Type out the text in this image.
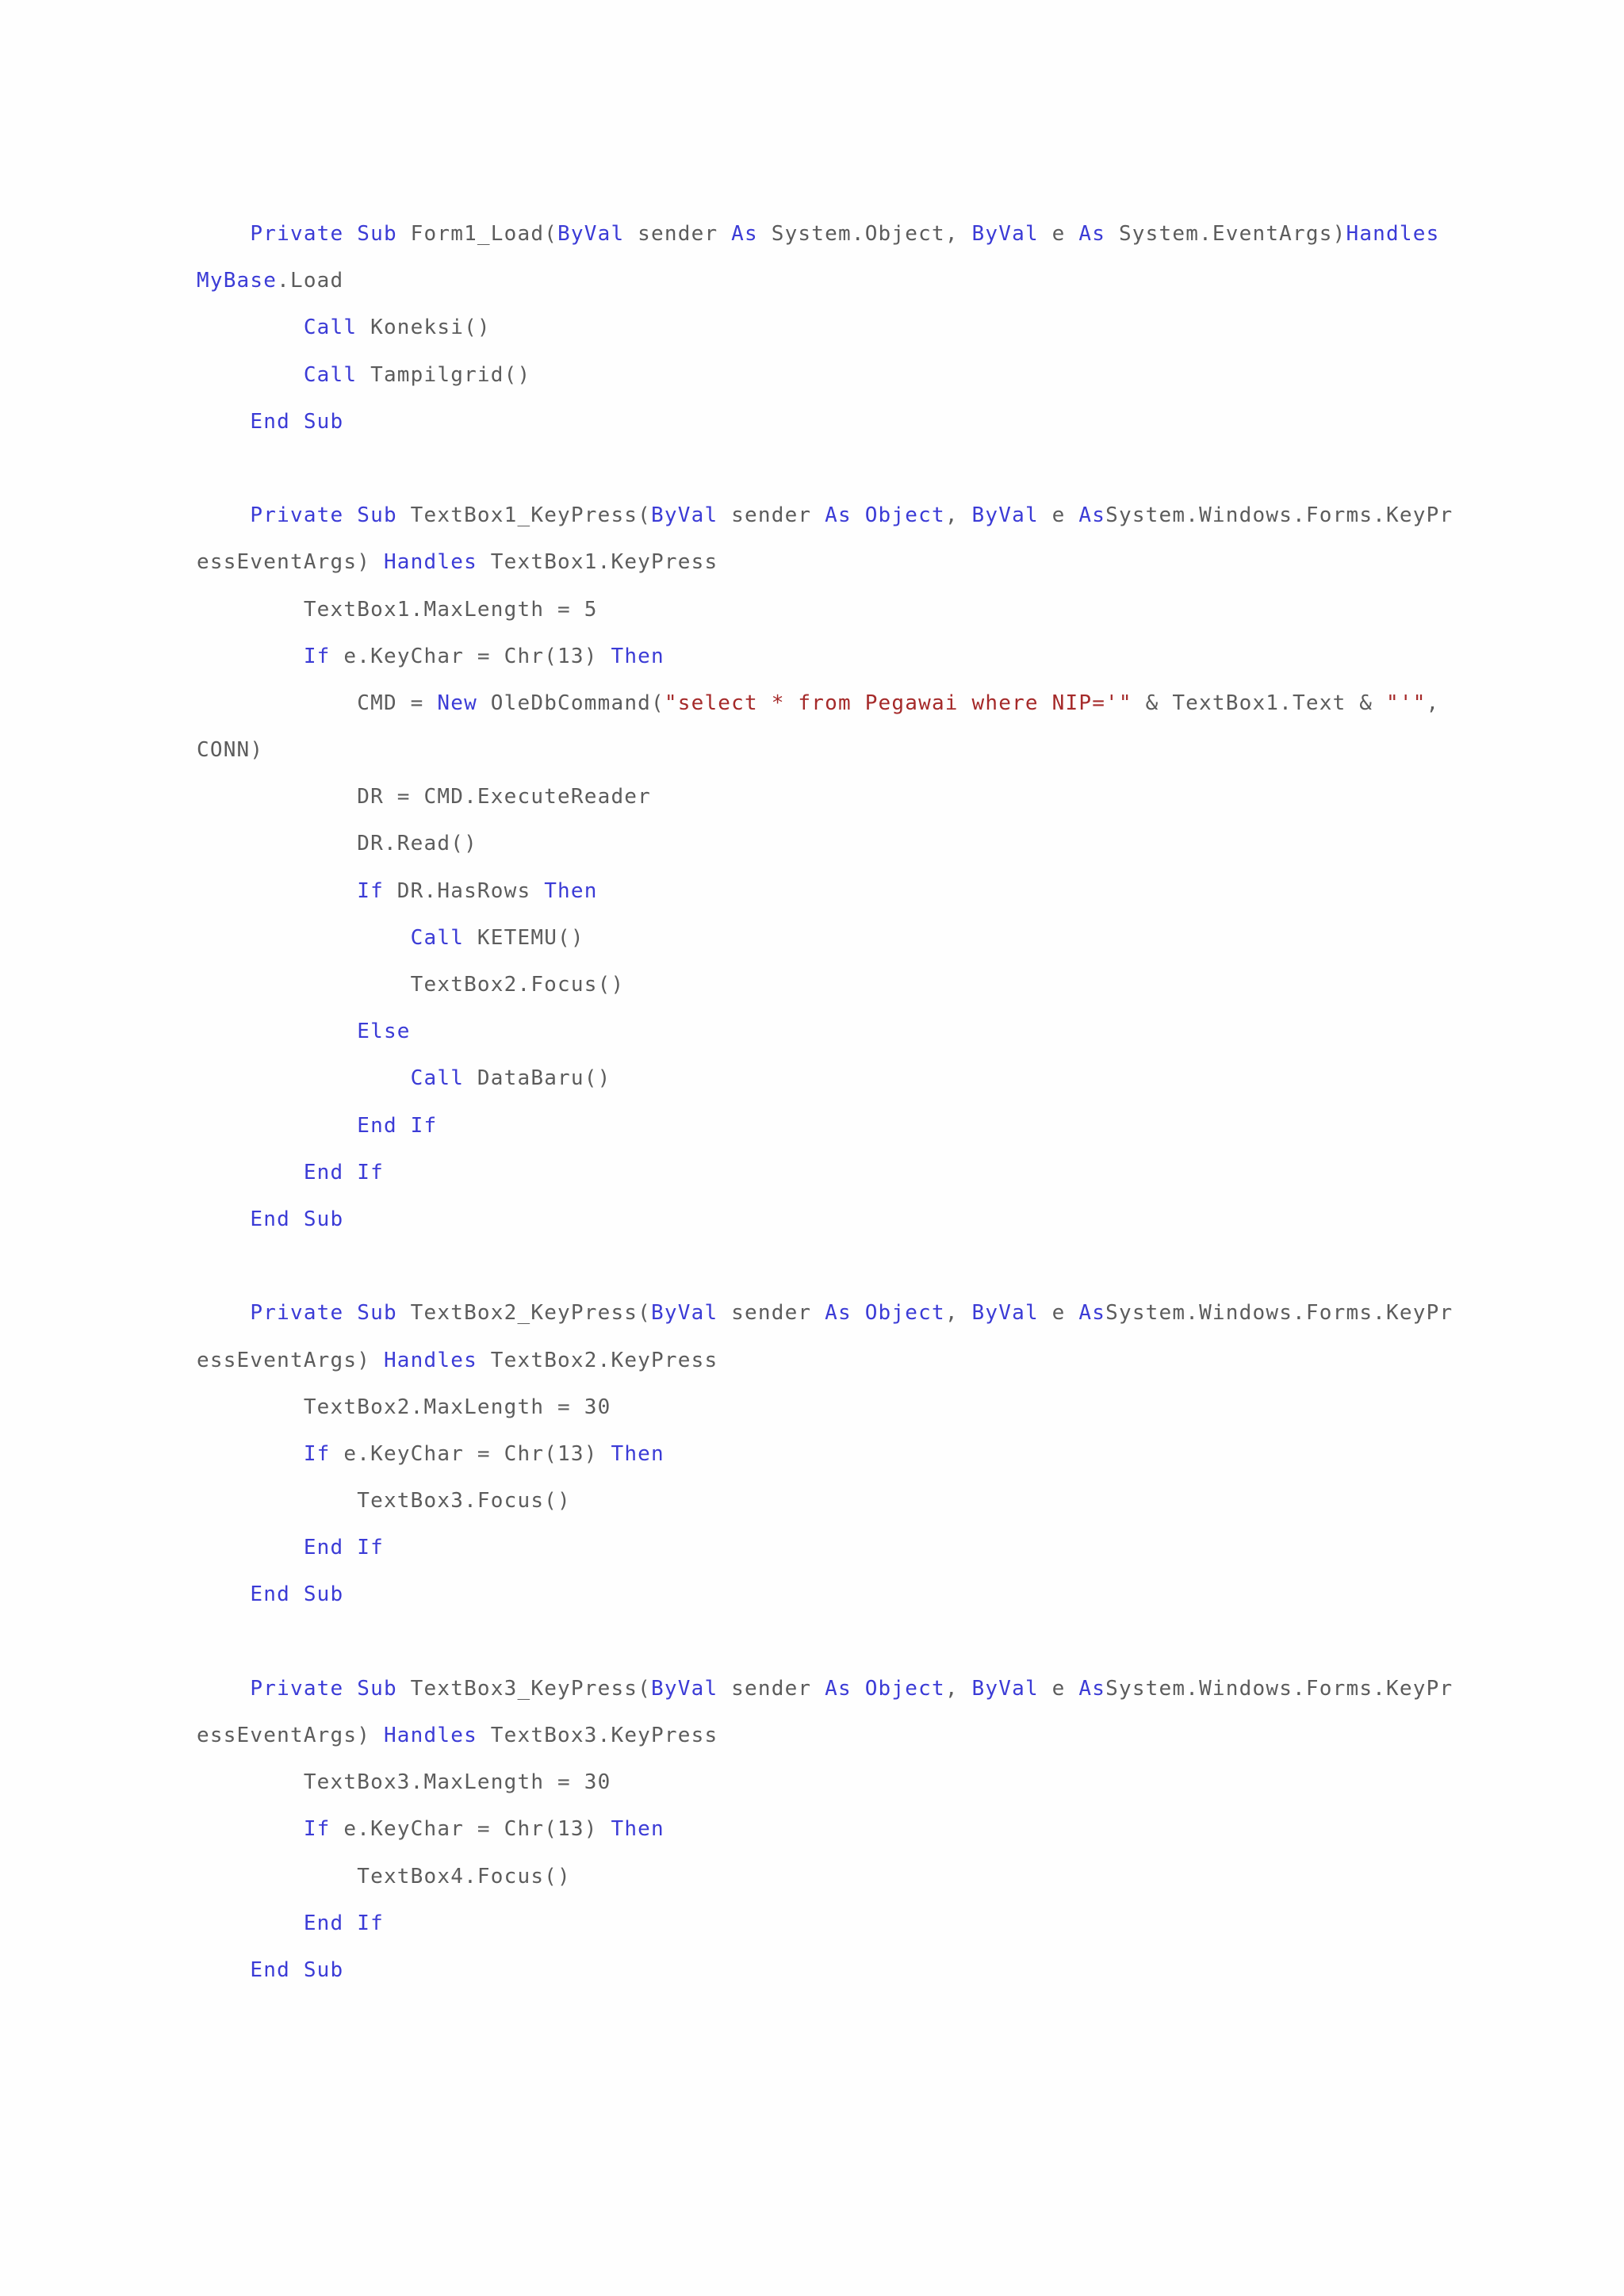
Private Sub Form1_Load(ByVal sender As System.Object, ByVal e As System.EventArgs)Handles
MyBase.Load
Call Koneksi()
Call Tampilgrid()
End Sub

Private Sub TextBox1_KeyPress(ByVal sender As Object, ByVal e AsSystem.Windows.Forms.KeyPr
essEventArgs) Handles TextBox1.KeyPress
TextBox1.MaxLength = 5
If e.KeyChar = Chr(13) Then
CMD = New OleDbCommand("select * from Pegawai where NIP='" & TextBox1.Text & "'",
CONN)
DR = CMD.ExecuteReader
DR.Read()
If DR.HasRows Then
Call KETEMU()
TextBox2.Focus()
Else
Call DataBaru()
End If
End If
End Sub

Private Sub TextBox2_KeyPress(ByVal sender As Object, ByVal e AsSystem.Windows.Forms.KeyPr
essEventArgs) Handles TextBox2.KeyPress
TextBox2.MaxLength = 30
If e.KeyChar = Chr(13) Then
TextBox3.Focus()
End If
End Sub

Private Sub TextBox3_KeyPress(ByVal sender As Object, ByVal e AsSystem.Windows.Forms.KeyPr
essEventArgs) Handles TextBox3.KeyPress
TextBox3.MaxLength = 30
If e.KeyChar = Chr(13) Then
TextBox4.Focus()
End If
End Sub
